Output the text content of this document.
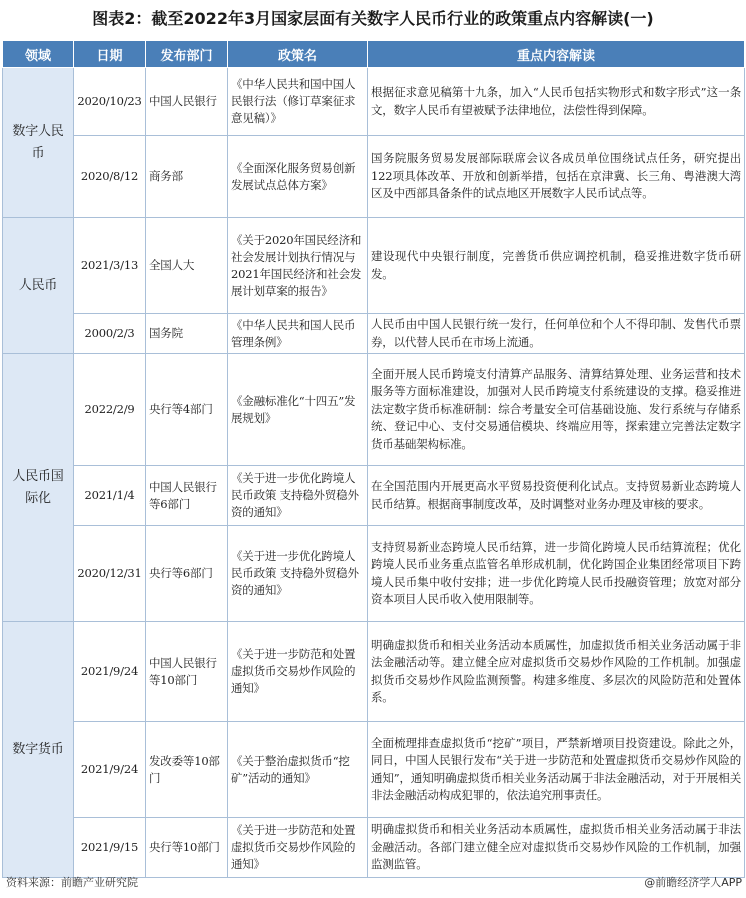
图表2：截至2022年3月国家层面有关数字人民币行业的政策重点内容解读(一)
领域	日期	发布部门	政策名	重点内容解读
数字人民币	2020/10/23	中国人民银行	《中华人民共和国中国人民银行法（修订草案征求意见稿）》	根据征求意见稿第十九条，加入“人民币包括实物形式和数字形式”这一条文，数字人民币有望被赋予法律地位，法偿性得到保障。
	2020/8/12	商务部	《全面深化服务贸易创新发展试点总体方案》	国务院服务贸易发展部际联席会议各成员单位围绕试点任务，研究提出122项具体改革、开放和创新举措，包括在京津冀、长三角、粤港澳大湾区及中西部具备条件的试点地区开展数字人民币试点等。
人民币	2021/3/13	全国人大	《关于2020年国民经济和社会发展计划执行情况与2021年国民经济和社会发展计划草案的报告》	建设现代中央银行制度，完善货币供应调控机制，稳妥推进数字货币研发。
	2000/2/3	国务院	《中华人民共和国人民币管理条例》	人民币由中国人民银行统一发行，任何单位和个人不得印制、发售代币票券，以代替人民币在市场上流通。
人民币国际化	2022/2/9	央行等4部门	《金融标准化“十四五”发展规划》	全面开展人民币跨境支付清算产品服务、清算结算处理、业务运营和技术服务等方面标准建设，加强对人民币跨境支付系统建设的支撑。稳妥推进法定数字货币标准研制：综合考量安全可信基础设施、发行系统与存储系统、登记中心、支付交易通信模块、终端应用等，探索建立完善法定数字货币基础架构标准。
	2021/1/4	中国人民银行等6部门	《关于进一步优化跨境人民币政策 支持稳外贸稳外资的通知》	在全国范围内开展更高水平贸易投资便利化试点。支持贸易新业态跨境人民币结算。根据商事制度改革，及时调整对业务办理及审核的要求。
	2020/12/31	央行等6部门	《关于进一步优化跨境人民币政策 支持稳外贸稳外资的通知》	支持贸易新业态跨境人民币结算，进一步简化跨境人民币结算流程；优化跨境人民币业务重点监管名单形成机制，优化跨国企业集团经常项目下跨境人民币集中收付安排；进一步优化跨境人民币投融资管理；放宽对部分资本项目人民币收入使用限制等。
数字货币	2021/9/24	中国人民银行等10部门	《关于进一步防范和处置虚拟货币交易炒作风险的通知》	明确虚拟货币和相关业务活动本质属性，加虚拟货币相关业务活动属于非法金融活动等。建立健全应对虚拟货币交易炒作风险的工作机制。加强虚拟货币交易炒作风险监测预警。构建多维度、多层次的风险防范和处置体系。
	2021/9/24	发改委等10部门	《关于整治虚拟货币“挖矿”活动的通知》	全面梳理排查虚拟货币“挖矿”项目，严禁新增项目投资建设。除此之外，同日，中国人民银行发布“关于进一步防范和处置虚拟货币交易炒作风险的通知”，通知明确虚拟货币相关业务活动属于非法金融活动，对于开展相关非法金融活动构成犯罪的，依法追究刑事责任。
	2021/9/15	央行等10部门	《关于进一步防范和处置虚拟货币交易炒作风险的通知》	明确虚拟货币和相关业务活动本质属性，虚拟货币相关业务活动属于非法金融活动。各部门建立健全应对虚拟货币交易炒作风险的工作机制，加强监测监管。
资料来源：前瞻产业研究院	@前瞻经济学人APP
